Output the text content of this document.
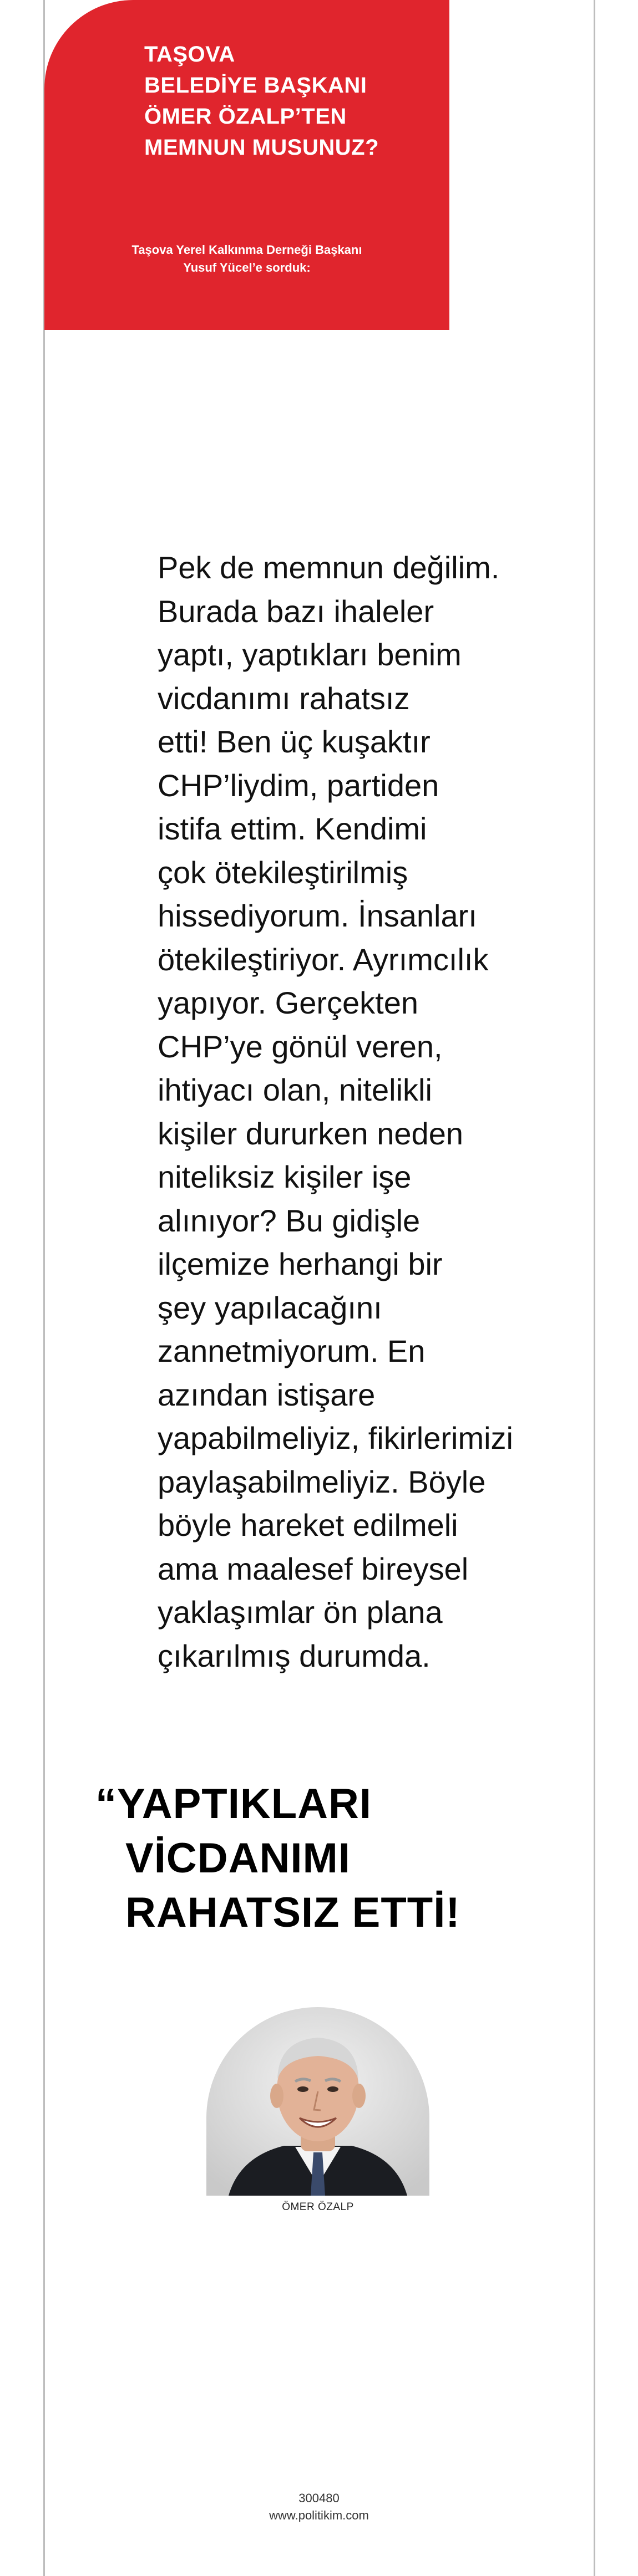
TAŞOVA
BELEDİYE BAŞKANI
ÖMER ÖZALP’TEN
MEMNUN MUSUNUZ?
Taşova Yerel Kalkınma Derneği Başkanı
Yusuf Yücel’e sorduk:

Pek de memnun değilim.
Burada bazı ihaleler
yaptı, yaptıkları benim
vicdanımı rahatsız
etti! Ben üç kuşaktır
CHP’liydim, partiden
istifa ettim. Kendimi
çok ötekileştirilmiş
hissediyorum. İnsanları
ötekileştiriyor. Ayrımcılık
yapıyor. Gerçekten
CHP’ye gönül veren,
ihtiyacı olan, nitelikli
kişiler dururken neden
niteliksiz kişiler işe
alınıyor? Bu gidişle
ilçemize herhangi bir
şey yapılacağını
zannetmiyorum. En
azından istişare
yapabilmeliyiz, fikirlerimizi
paylaşabilmeliyiz. Böyle
böyle hareket edilmeli
ama maalesef bireysel
yaklaşımlar ön plana
çıkarılmış durumda.

“YAPTIKLARI
VİCDANIMI
RAHATSIZ ETTİ!
ÖMER ÖZALP
300480
www.politikim.com
